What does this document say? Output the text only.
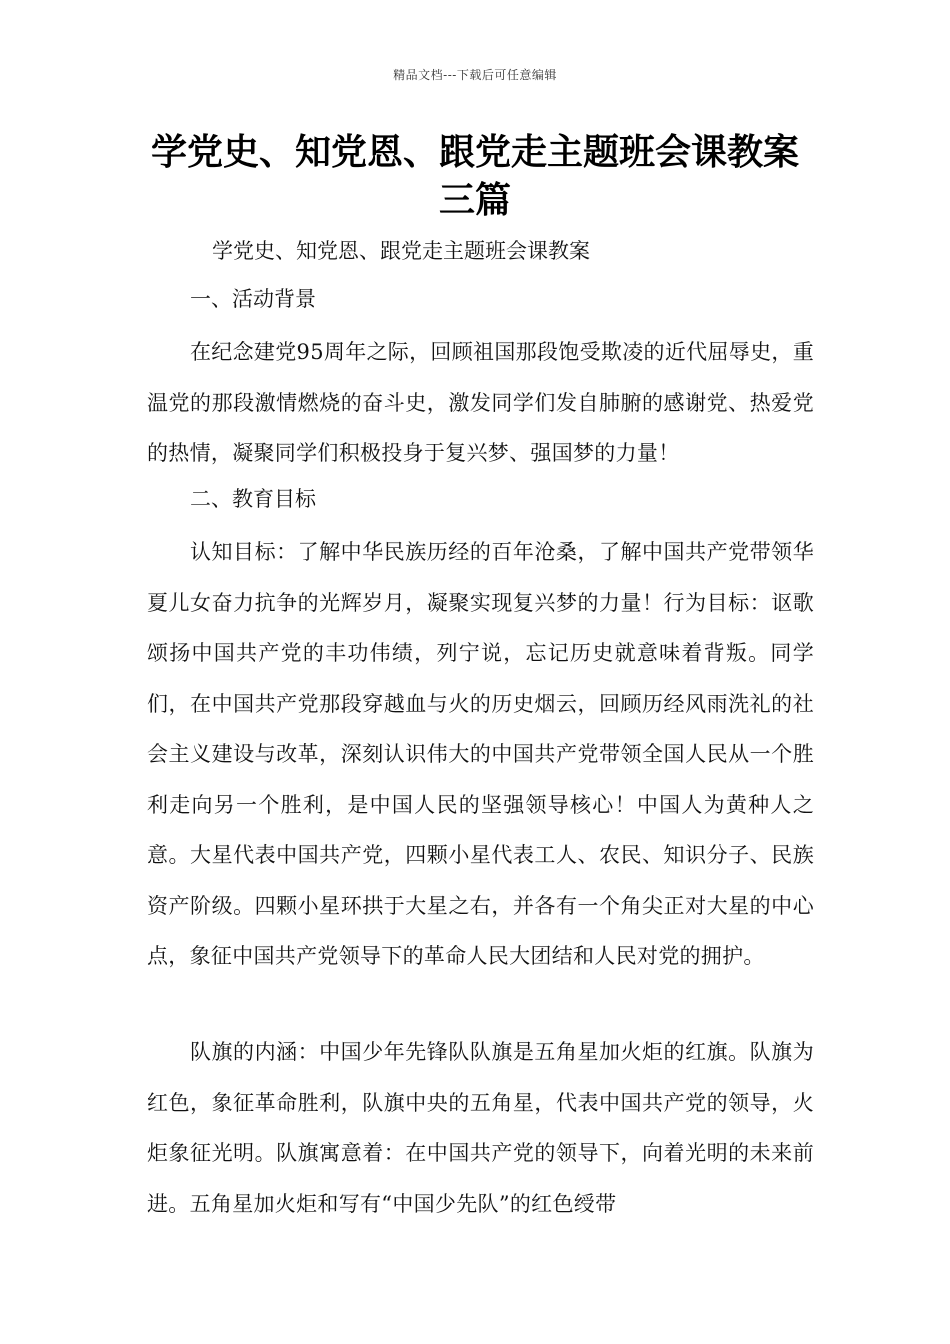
精品文档---下载后可任意编辑
学党史、知党恩、跟党走主题班会课教案三篇
学党史、知党恩、跟党走主题班会课教案
一、活动背景

在纪念建党95周年之际，回顾祖国那段饱受欺凌的近代屈辱史，重温党的那段激情燃烧的奋斗史，激发同学们发自肺腑的感谢党、热爱党的热情，凝聚同学们积极投身于复兴梦、强国梦的力量！

二、教育目标

认知目标：了解中华民族历经的百年沧桑，了解中国共产党带领华夏儿女奋力抗争的光辉岁月，凝聚实现复兴梦的力量！行为目标：讴歌颂扬中国共产党的丰功伟绩，列宁说，忘记历史就意味着背叛。同学们，在中国共产党那段穿越血与火的历史烟云，回顾历经风雨洗礼的社会主义建设与改革，深刻认识伟大的中国共产党带领全国人民从一个胜利走向另一个胜利，是中国人民的坚强领导核心！中国人为黄种人之意。大星代表中国共产党，四颗小星代表工人、农民、知识分子、民族资产阶级。四颗小星环拱于大星之右，并各有一个角尖正对大星的中心点，象征中国共产党领导下的革命人民大团结和人民对党的拥护。

队旗的内涵：中国少年先锋队队旗是五角星加火炬的红旗。队旗为红色，象征革命胜利，队旗中央的五角星，代表中国共产党的领导，火炬象征光明。队旗寓意着：在中国共产党的领导下，向着光明的未来前进。五角星加火炬和写有“中国少先队”的红色绶带
